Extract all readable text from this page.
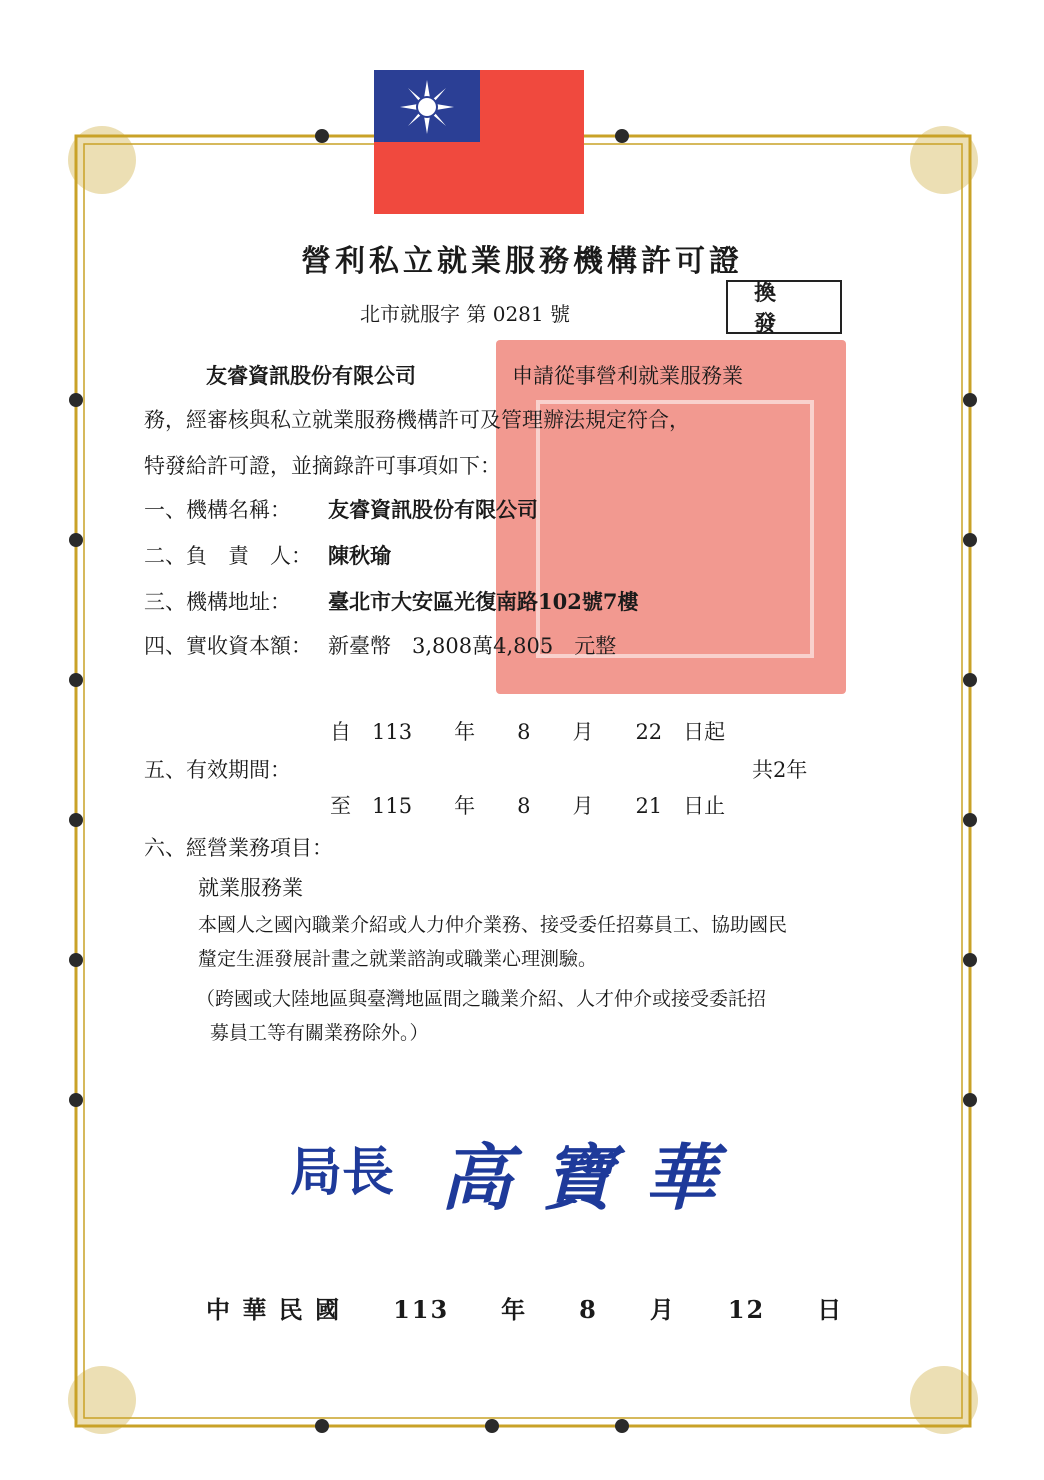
營利私立就業服務機構許可證
北市就服字 第 0281 號
換 發
友睿資訊股份有限公司	申請從事營利就業服務業
務，經審核與私立就業服務機構許可及管理辦法規定符合，
特發給許可證，並摘錄許可事項如下：
一、機構名稱： 友睿資訊股份有限公司
二、負　責　人： 陳秋瑜
三、機構地址： 臺北市大安區光復南路102號7樓
四、實收資本額： 新臺幣　3,808萬4,805　元整
自　113　　年　　8　　月　　22　日起
五、有效期間：	共2年
至　115　　年　　8　　月　　21　日止
六、經營業務項目：
就業服務業
本國人之國內職業介紹或人力仲介業務、接受委任招募員工、協助國民
釐定生涯發展計畫之就業諮詢或職業心理測驗。
（跨國或大陸地區與臺灣地區間之職業介紹、人才仲介或接受委託招
募員工等有關業務除外。）
局長 高寶華
中 華 民 國　　113　　年　　8　　月　　12　　日
